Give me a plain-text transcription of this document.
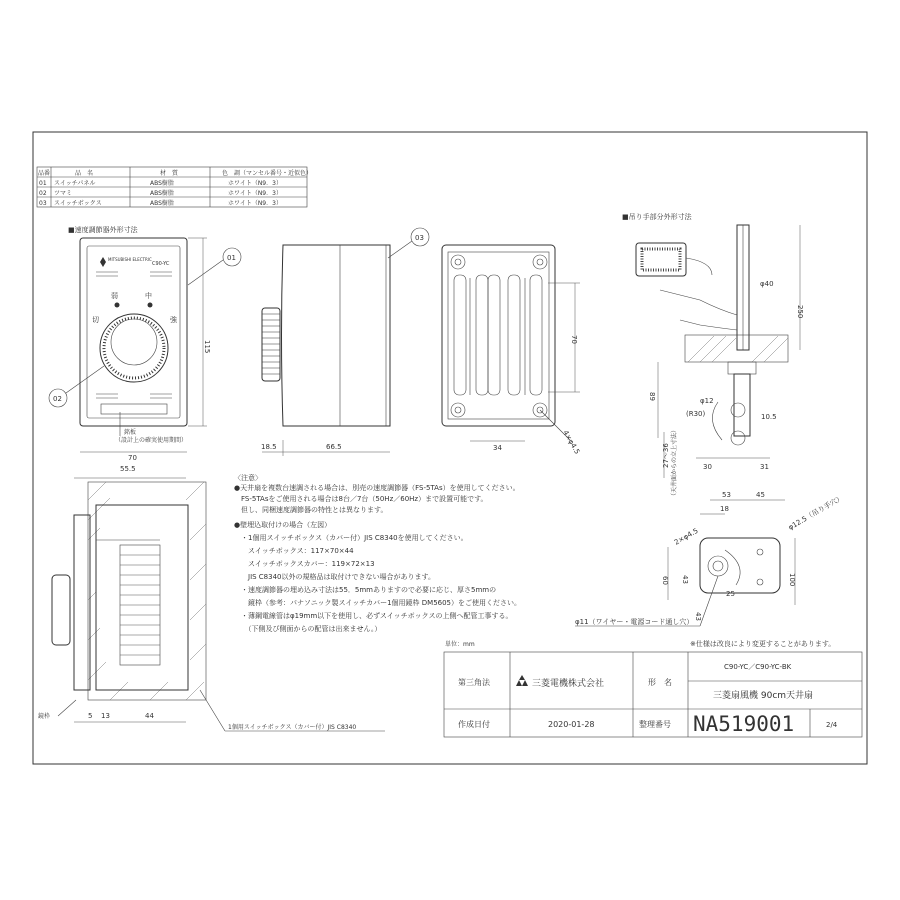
品番	品　名	材　質	色　調（マンセル番号・近似色）
01 スイッチパネル	ABS樹脂	ホワイト（N9．3）
02 ツマミ	ABS樹脂	ホワイト（N9．3）
03 スイッチボックス	ABS樹脂	ホワイト（N9．3）
■速度調節器外形寸法
■吊り手部分外形寸法
MITSUBISHI ELECTRIC
C90-YC
切
弱	中
強
01
02
03
115
70
銘板
（設計上の確実使用期間）
18.5	66.5
70
34	4×φ4.5
55.5
5 13	44
鏡枠
1個用スイッチボックス（カバー付）JIS C8340
〈注意〉
●天井扇を複数台速調される場合は、別売の速度調節器（FS-5TAs）を使用してください。
　FS-5TAsをご使用される場合は8台／7台（50Hz／60Hz）まで設置可能です。
　但し、同梱速度調節器の特性とは異なります。
●壁埋込取付けの場合（左図）
　・1個用スイッチボックス（カバー付）JIS C8340を使用してください。
　　スイッチボックス：117×70×44
　　スイッチボックスカバー：119×72×13
　　JIS C8340以外の規格品は取付けできない場合があります。
　・速度調節器の埋め込み寸法は55．5mmありますので必要に応じ、厚さ5mmの
　　鏡枠（参考：パナソニック製スイッチカバー1個用鏡枠 DM5605）をご使用ください。
　・薄鋼電線管はφ19mm以下を使用し、必ずスイッチボックスの上側へ配管工事する。
　　（下側及び側面からの配管は出来ません。）
φ40
250
89
φ12
(R30)	10.5
27～36 （天井面からの立上寸法）	30	31
53	45
18
2×φ4.5
φ12.5（吊り手穴）
60 43	100
43
25
φ11（ワイヤー・電源コード通し穴）
単位：mm	※仕様は改良により変更することがあります。
第三角法	三菱電機株式会社	形　名
C90-YC／C90-YC-BK
三菱扇風機 90cm天井扇
作成日付	2020-01-28	整理番号 NA519001	2/4
